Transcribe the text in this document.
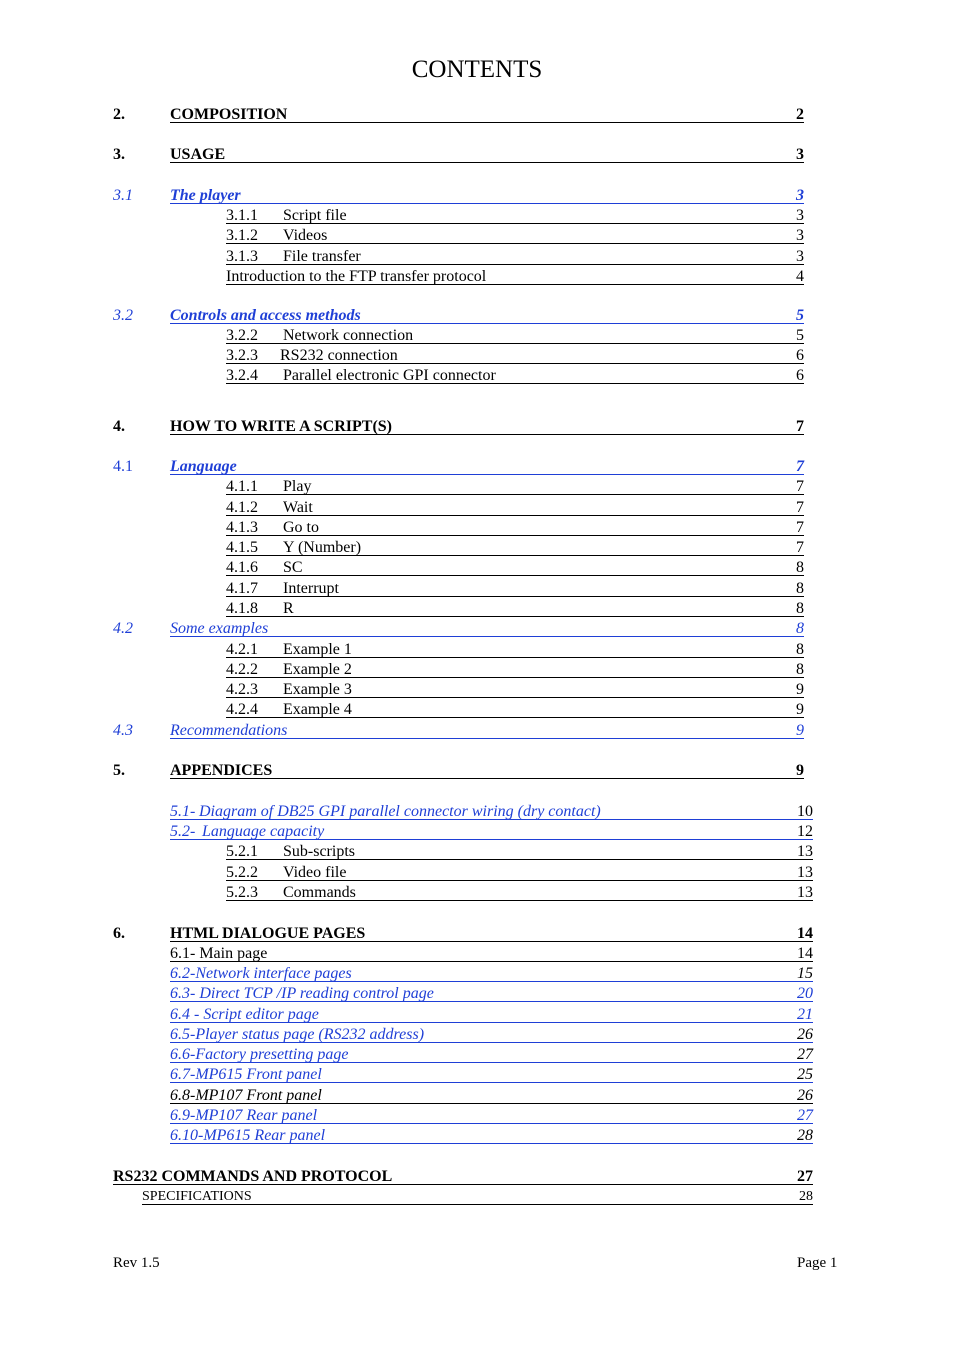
CONTENTS
2.	COMPOSITION	2
3.	USAGE	3
3.1 The player	3
3.1.1 Script file	3
3.1.2 Videos	3
3.1.3 File transfer	3
Introduction to the FTP transfer protocol	4
3.2 Controls and access methods	5
3.2.2 Network connection	5
3.2.3 RS232 connection	6
3.2.4 Parallel electronic GPI connector	6
4.	HOW TO WRITE A SCRIPT(S)	7
4.1 Language	7
4.1.1 Play	7
4.1.2 Wait	7
4.1.3 Go to	7
4.1.5 Y (Number)	7
4.1.6 SC	8
4.1.7 Interrupt	8
4.1.8 R	8
4.2 Some examples	8
4.2.1 Example 1	8
4.2.2 Example 2	8
4.2.3 Example 3	9
4.2.4 Example 4	9
4.3 Recommendations	9
5.	APPENDICES	9
5.1- Diagram of DB25 GPI parallel connector wiring (dry contact)	10
5.2- Language capacity	12
5.2.1 Sub-scripts	13
5.2.2 Video file	13
5.2.3 Commands	13
6.	HTML DIALOGUE PAGES	14
6.1- Main page	14
6.2-Network interface pages	15
6.3- Direct TCP /IP reading control page	20
6.4 - Script editor page	21
6.5-Player status page (RS232 address)	26
6.6-Factory presetting page	27
6.7-MP615 Front panel	25
6.8-MP107 Front panel	26
6.9-MP107 Rear panel	27
6.10-MP615 Rear panel	28
RS232 COMMANDS AND PROTOCOL	27
SPECIFICATIONS	28
Rev 1.5	Page 1
